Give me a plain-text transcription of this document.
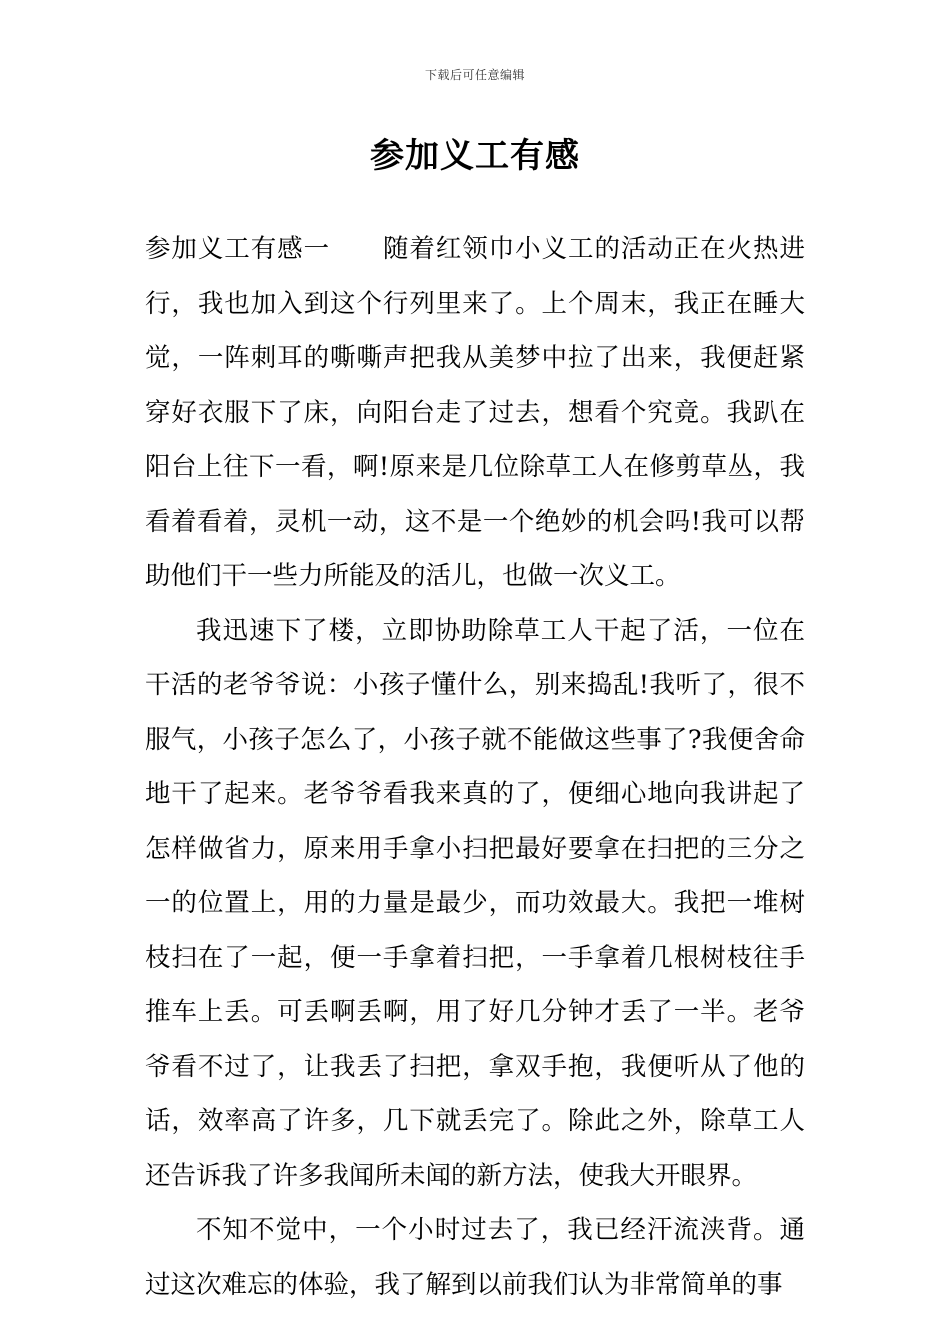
下载后可任意编辑
参加义工有感

参加义工有感一 随着红领巾小义工的活动正在火热进行，我也加入到这个行列里来了。上个周末，我正在睡大觉，一阵刺耳的嘶嘶声把我从美梦中拉了出来，我便赶紧穿好衣服下了床，向阳台走了过去，想看个究竟。我趴在阳台上往下一看，啊!原来是几位除草工人在修剪草丛，我看着看着，灵机一动，这不是一个绝妙的机会吗!我可以帮助他们干一些力所能及的活儿，也做一次义工。

我迅速下了楼，立即协助除草工人干起了活，一位在干活的老爷爷说：小孩子懂什么，别来捣乱!我听了，很不服气，小孩子怎么了，小孩子就不能做这些事了?我便舍命地干了起来。老爷爷看我来真的了，便细心地向我讲起了怎样做省力，原来用手拿小扫把最好要拿在扫把的三分之一的位置上，用的力量是最少，而功效最大。我把一堆树枝扫在了一起，便一手拿着扫把，一手拿着几根树枝往手推车上丢。可丢啊丢啊，用了好几分钟才丢了一半。老爷爷看不过了，让我丢了扫把，拿双手抱，我便听从了他的话，效率高了许多，几下就丢完了。除此之外，除草工人还告诉我了许多我闻所未闻的新方法，使我大开眼界。

不知不觉中，一个小时过去了，我已经汗流浃背。通过这次难忘的体验，我了解到以前我们认为非常简单的事
